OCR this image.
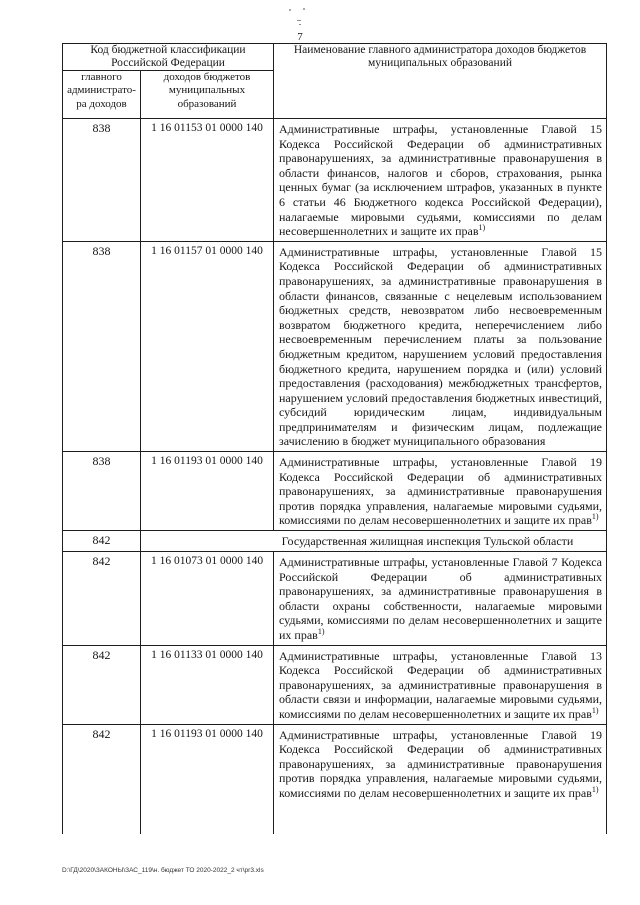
7
Код бюджетной классификации Российской Федерации		Наименование главного администратора доходов бюджетов муниципальных образований
главного администрато-ра доходов	доходов бюджетов муниципальных образований	
838	1 16 01153 01 0000 140	Административные штрафы, установленные Главой 15 Кодекса Российской Федерации об административных правонарушениях, за административные правонарушения в области финансов, налогов и сборов, страхования, рынка ценных бумаг (за исключением штрафов, указанных в пункте 6 статьи 46 Бюджетного кодекса Российской Федерации), налагаемые мировыми судьями, комиссиями по делам несовершеннолетних и защите их прав$^{1)}$
838	1 16 01157 01 0000 140	Административные штрафы, установленные Главой 15 Кодекса Российской Федерации об административных правонарушениях, за административные правонарушения в области финансов, связанные с нецелевым использованием бюджетных средств, невозвратом либо несвоевременным возвратом бюджетного кредита, неперечислением либо несвоевременным перечислением платы за пользование бюджетным кредитом, нарушением условий предоставления бюджетного кредита, нарушением порядка и (или) условий предоставления (расходования) межбюджетных трансфертов, нарушением условий предоставления бюджетных инвестиций, субсидий юридическим лицам, индивидуальным предпринимателям и физическим лицам, подлежащие зачислению в бюджет муниципального образования
838	1 16 01193 01 0000 140	Административные штрафы, установленные Главой 19 Кодекса Российской Федерации об административных правонарушениях, за административные правонарушения против порядка управления, налагаемые мировыми судьями, комиссиями по делам несовершеннолетних и защите их прав$^{1)}$
842	Государственная жилищная инспекция Тульской области	
842	1 16 01073 01 0000 140	Административные штрафы, установленные Главой 7 Кодекса Российской Федерации об административных правонарушениях, за административные правонарушения в области охраны собственности, налагаемые мировыми судьями, комиссиями по делам несовершеннолетних и защите их прав$^{1)}$
842	1 16 01133 01 0000 140	Административные штрафы, установленные Главой 13 Кодекса Российской Федерации об административных правонарушениях, за административные правонарушения в области связи и информации, налагаемые мировыми судьями, комиссиями по делам несовершеннолетних и защите их прав$^{1)}$
842	1 16 01193 01 0000 140	Административные штрафы, установленные Главой 19 Кодекса Российской Федерации об административных правонарушениях, за административные правонарушения против порядка управления, налагаемые мировыми судьями, комиссиями по делам несовершеннолетних и защите их прав$^{1)}$
D:\ГД\2020\ЗАКОНЫ\ЗАС_119\н. бюджет ТО 2020-2022_2 чт\pr3.xls
